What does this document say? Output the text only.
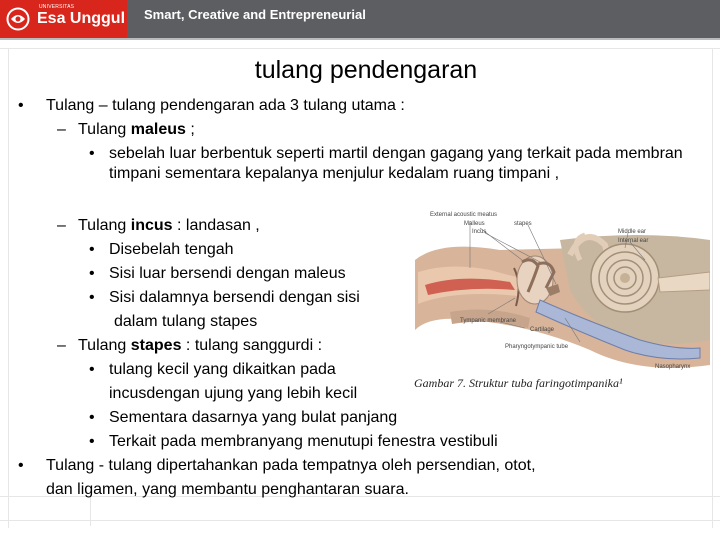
UNIVERSITAS
Esa Unggul Smart, Creative and Entrepreneurial
tulang pendengaran
• Tulang – tulang pendengaran ada 3 tulang utama :
– Tulang maleus ;
• sebelah luar berbentuk seperti martil dengan gagang yang terkait pada membran timpani sementara kepalanya menjulur kedalam ruang timpani ,
– Tulang incus : landasan ,
• Disebelah tengah
• Sisi luar bersendi dengan maleus
• Sisi dalamnya bersendi dengan sisi
dalam tulang stapes
– Tulang stapes : tulang sanggurdi :
• tulang kecil yang dikaitkan pada
incusdengan ujung yang lebih kecil
• Sementara dasarnya yang bulat panjang
• Terkait pada membranyang menutupi fenestra vestibuli
• Tulang - tulang dipertahankan pada tempatnya oleh persendian, otot,
dan ligamen, yang membantu penghantaran suara.
External acoustic meatus
Malleus	stapes
Incus	Middle ear
Internal ear
Tympanic membrane
Cartilage
Pharyngotympanic tube
Nasopharynx
Gambar 7. Struktur tuba faringotimpanika¹
